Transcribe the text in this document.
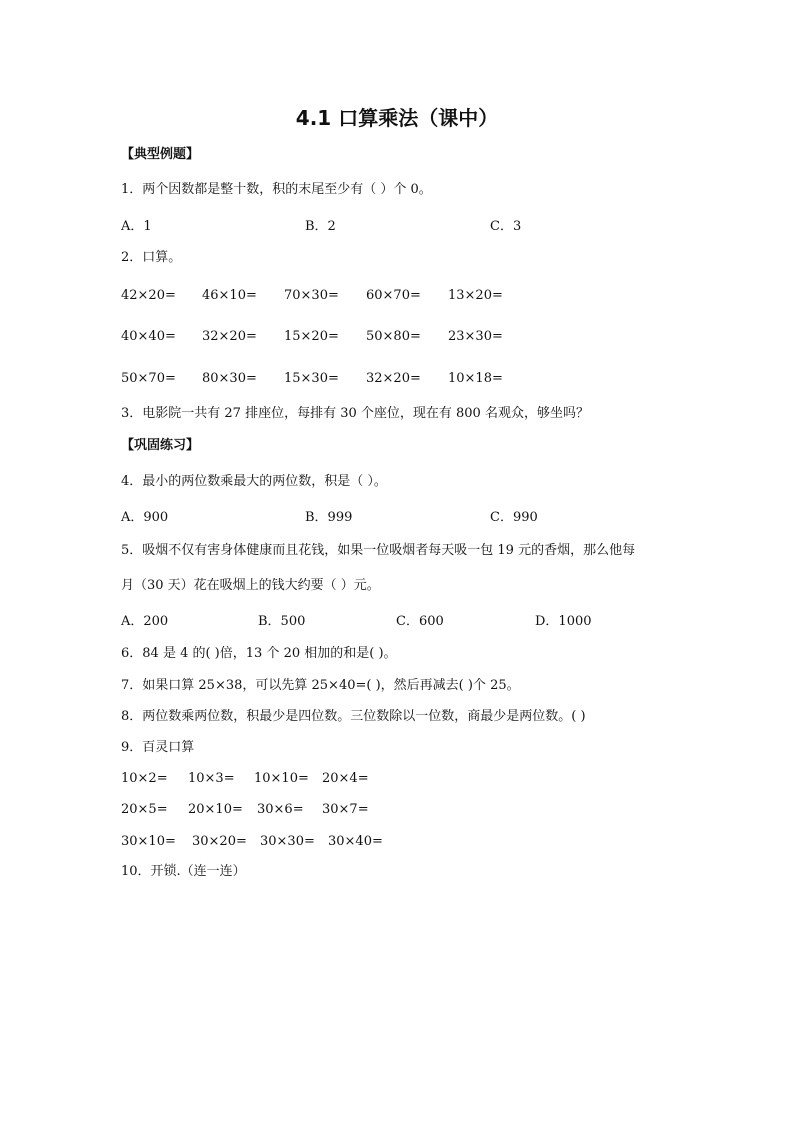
4.1 口算乘法（课中）
【典型例题】
1．两个因数都是整十数，积的末尾至少有（ ）个 0。
A．1	B．2	C．3
2．口算。
42×20= 46×10= 70×30= 60×70= 13×20=
40×40= 32×20= 15×20= 50×80= 23×30=
50×70= 80×30= 15×30= 32×20= 10×18=
3．电影院一共有 27 排座位，每排有 30 个座位，现在有 800 名观众，够坐吗？
【巩固练习】
4．最小的两位数乘最大的两位数，积是（ ）。
A．900	B．999	C．990
5．吸烟不仅有害身体健康而且花钱，如果一位吸烟者每天吸一包 19 元的香烟，那么他每
月（30 天）花在吸烟上的钱大约要（ ）元。
A．200	B．500	C．600	D．1000
6．84 是 4 的( )倍，13 个 20 相加的和是( )。
7．如果口算 25×38，可以先算 25×40=( )，然后再减去( )个 25。
8．两位数乘两位数，积最少是四位数。三位数除以一位数，商最少是两位数。( )
9．百灵口算
10×2= 10×3= 10×10= 20×4=
20×5= 20×10= 30×6= 30×7=
30×10= 30×20= 30×30= 30×40=
10．开锁.（连一连）
